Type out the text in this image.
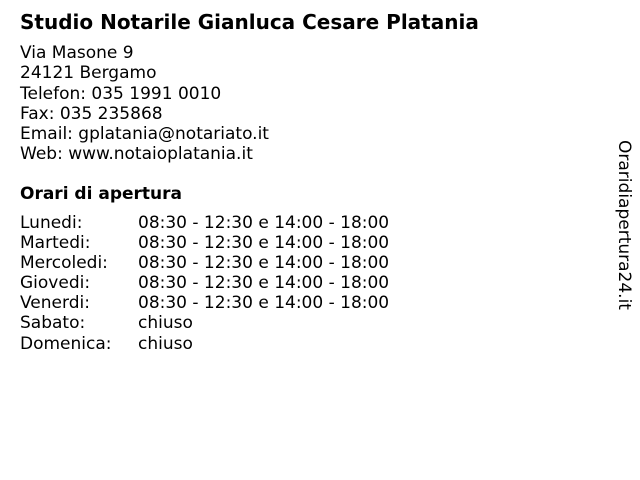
Studio Notarile Gianluca Cesare Platania
Via Masone 9
24121 Bergamo
Telefon: 035 1991 0010
Fax: 035 235868
Email: gplatania@notariato.it
Web: www.notaioplatania.it
Orari di apertura
Lunedi:	08:30 - 12:30 e 14:00 - 18:00
Martedi:	08:30 - 12:30 e 14:00 - 18:00
Mercoledi: 08:30 - 12:30 e 14:00 - 18:00
Giovedi:	08:30 - 12:30 e 14:00 - 18:00
Venerdi:	08:30 - 12:30 e 14:00 - 18:00
Sabato:	chiuso
Domenica: chiuso
Oraridiapertura24.it
